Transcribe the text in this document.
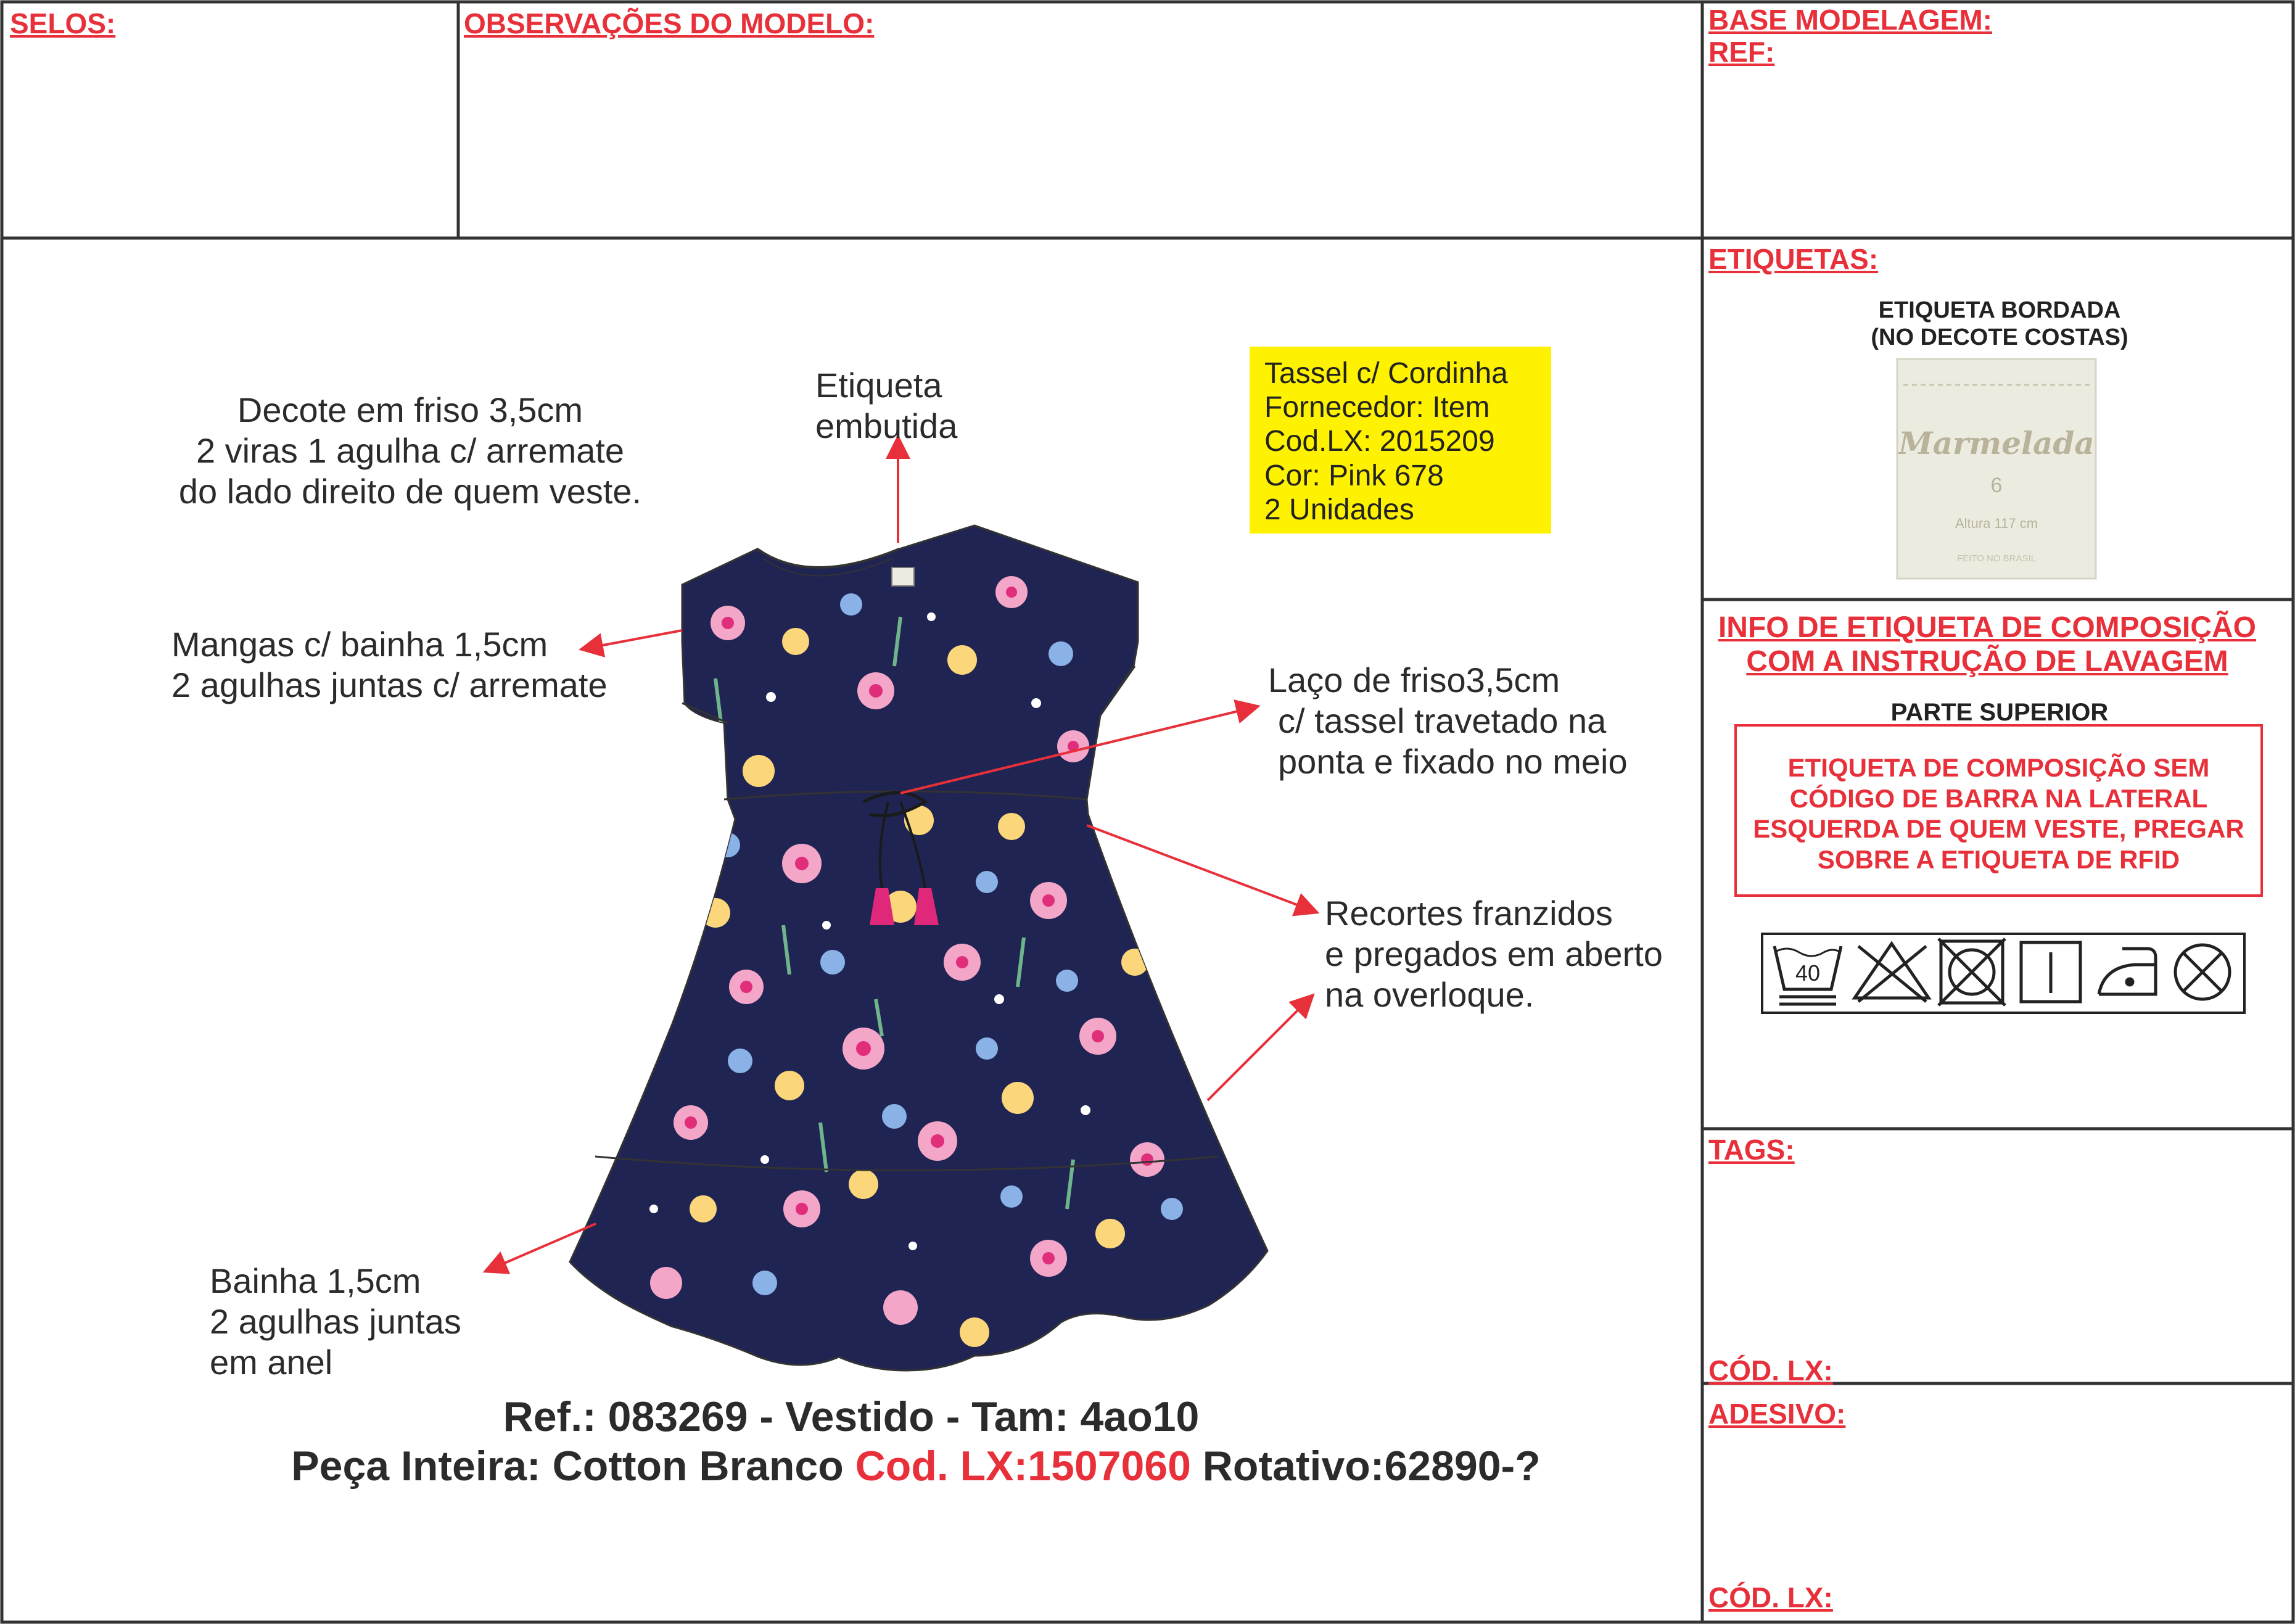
SELOS:	OBSERVAÇÕES DO MODELO:	BASE MODELAGEM:
REF:
ETIQUETAS:
TAGS:
CÓD. LX:
ADESIVO:
CÓD. LX:
ETIQUETA BORDADA
(NO DECOTE COSTAS)
Marmelada
6
Altura 117 cm
FEITO NO BRASIL
INFO DE ETIQUETA DE COMPOSIÇÃO
COM A INSTRUÇÃO DE LAVAGEM
PARTE SUPERIOR
ETIQUETA DE COMPOSIÇÃO SEM
CÓDIGO DE BARRA NA LATERAL
ESQUERDA DE QUEM VESTE, PREGAR
SOBRE A ETIQUETA DE RFID
40
Decote em friso 3,5cm
2 viras 1 agulha c/ arremate
do lado direito de quem veste.
Etiqueta
embutida
Mangas c/ bainha 1,5cm
2 agulhas juntas c/ arremate	Laço de friso3,5cm
c/ tassel travetado na
ponta e fixado no meio
Recortes franzidos
e pregados em aberto
na overloque.
Bainha 1,5cm
2 agulhas juntas
em anel
Tassel c/ Cordinha
Fornecedor: Item
Cod.LX: 2015209
Cor: Pink 678
2 Unidades
Ref.: 083269 - Vestido - Tam: 4ao10
Peça Inteira: Cotton Branco Cod. LX:1507060 Rotativo:62890-?
